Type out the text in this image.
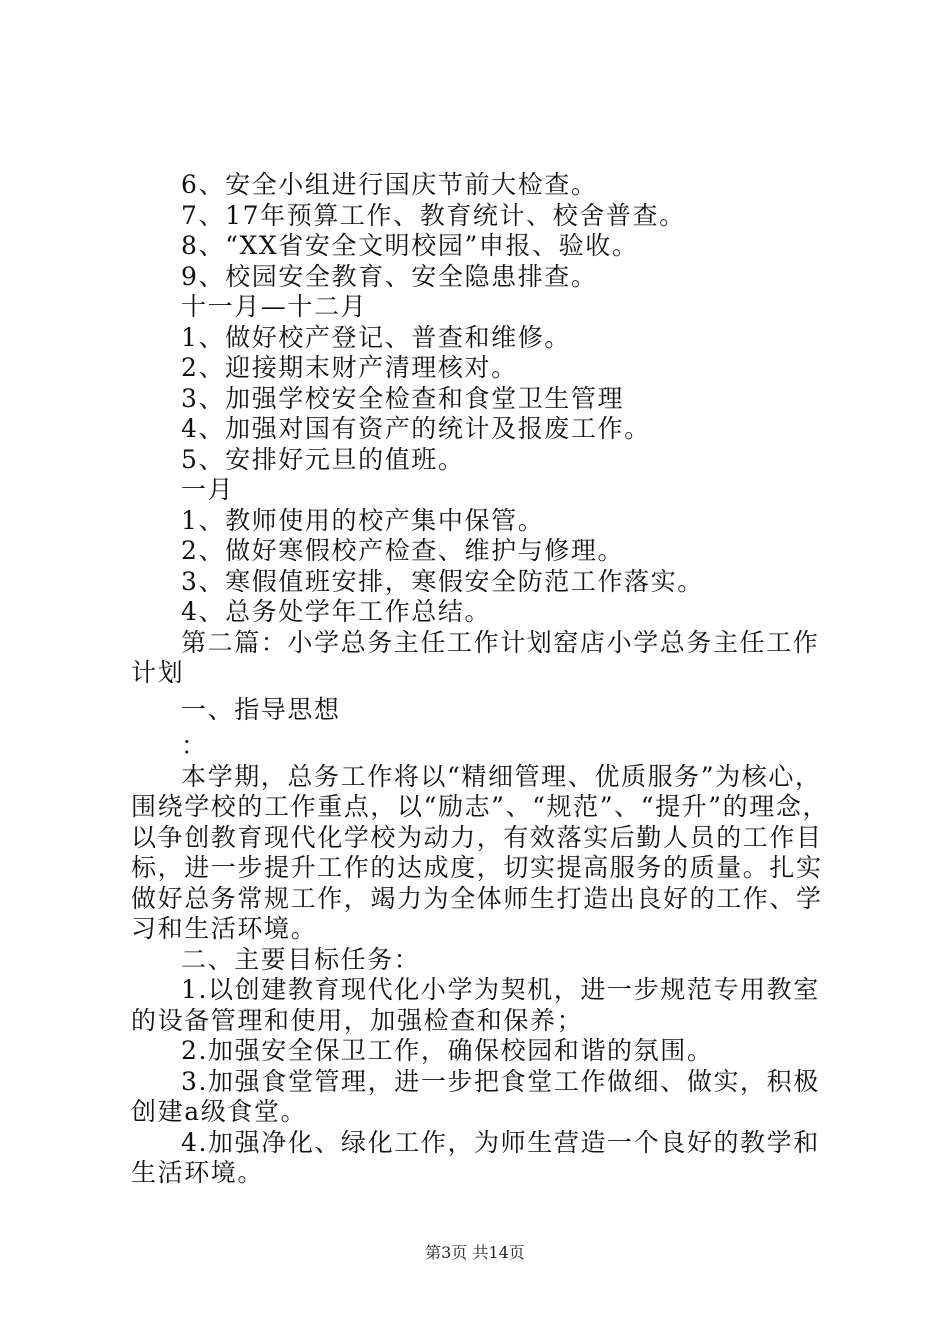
6、安全小组进行国庆节前大检查。
7、17年预算工作、教育统计、校舍普查。
8、“XX省安全文明校园”申报、验收。
9、校园安全教育、安全隐患排查。
十一月—十二月
1、做好校产登记、普查和维修。
2、迎接期末财产清理核对。
3、加强学校安全检查和食堂卫生管理
4、加强对国有资产的统计及报废工作。
5、安排好元旦的值班。
一月
1、教师使用的校产集中保管。
2、做好寒假校产检查、维护与修理。
3、寒假值班安排，寒假安全防范工作落实。
4、总务处学年工作总结。
第二篇：小学总务主任工作计划窑店小学总务主任工作计划
一、指导思想
：
本学期，总务工作将以“精细管理、优质服务”为核心，围绕学校的工作重点，以“励志”、“规范”、“提升”的理念，以争创教育现代化学校为动力，有效落实后勤人员的工作目标，进一步提升工作的达成度，切实提高服务的质量。扎实做好总务常规工作，竭力为全体师生打造出良好的工作、学习和生活环境。
二、主要目标任务：
1.以创建教育现代化小学为契机，进一步规范专用教室的设备管理和使用，加强检查和保养；
2.加强安全保卫工作，确保校园和谐的氛围。
3.加强食堂管理，进一步把食堂工作做细、做实，积极创建a级食堂。
4.加强净化、绿化工作，为师生营造一个良好的教学和生活环境。
第3页 共14页
